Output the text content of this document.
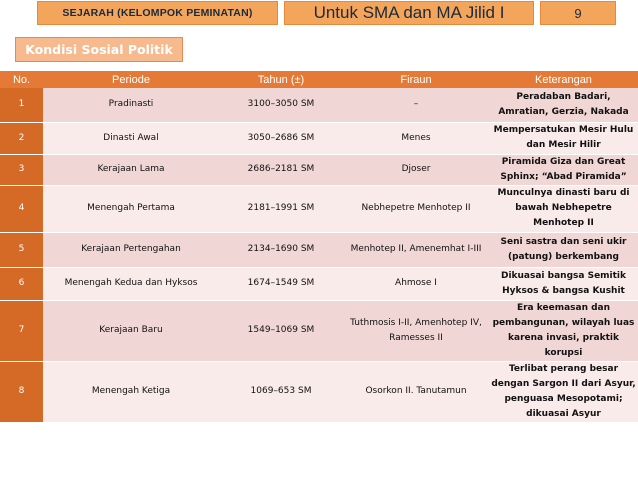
SEJARAH (KELOMPOK PEMINATAN)	Untuk SMA dan MA Jilid I	9
Kondisi Sosial Politik
No.	Periode	Tahun (±)	Firaun	Keterangan
1	Pradinasti	3100–3050 SM	–	Peradaban Badari, Amratian, Gerzia, Nakada
2	Dinasti Awal	3050–2686 SM	Menes	Mempersatukan Mesir Hulu dan Mesir Hilir
3	Kerajaan Lama	2686–2181 SM	Djoser	Piramida Giza dan Great Sphinx; “Abad Piramida”
4	Menengah Pertama	2181–1991 SM	Nebhepetre Menhotep II	Munculnya dinasti baru di bawah Nebhepetre Menhotep II
5	Kerajaan Pertengahan	2134–1690 SM	Menhotep II, Amenemhat I-III	Seni sastra dan seni ukir (patung) berkembang
6	Menengah Kedua dan Hyksos	1674–1549 SM	Ahmose I	Dikuasai bangsa Semitik Hyksos & bangsa Kushit
7	Kerajaan Baru	1549–1069 SM	Tuthmosis I-II, Amenhotep IV, Ramesses II	Era keemasan dan pembangunan, wilayah luas karena invasi, praktik korupsi
8	Menengah Ketiga	1069–653 SM	Osorkon II. Tanutamun	Terlibat perang besar dengan Sargon II dari Asyur, penguasa Mesopotami; dikuasai Asyur
